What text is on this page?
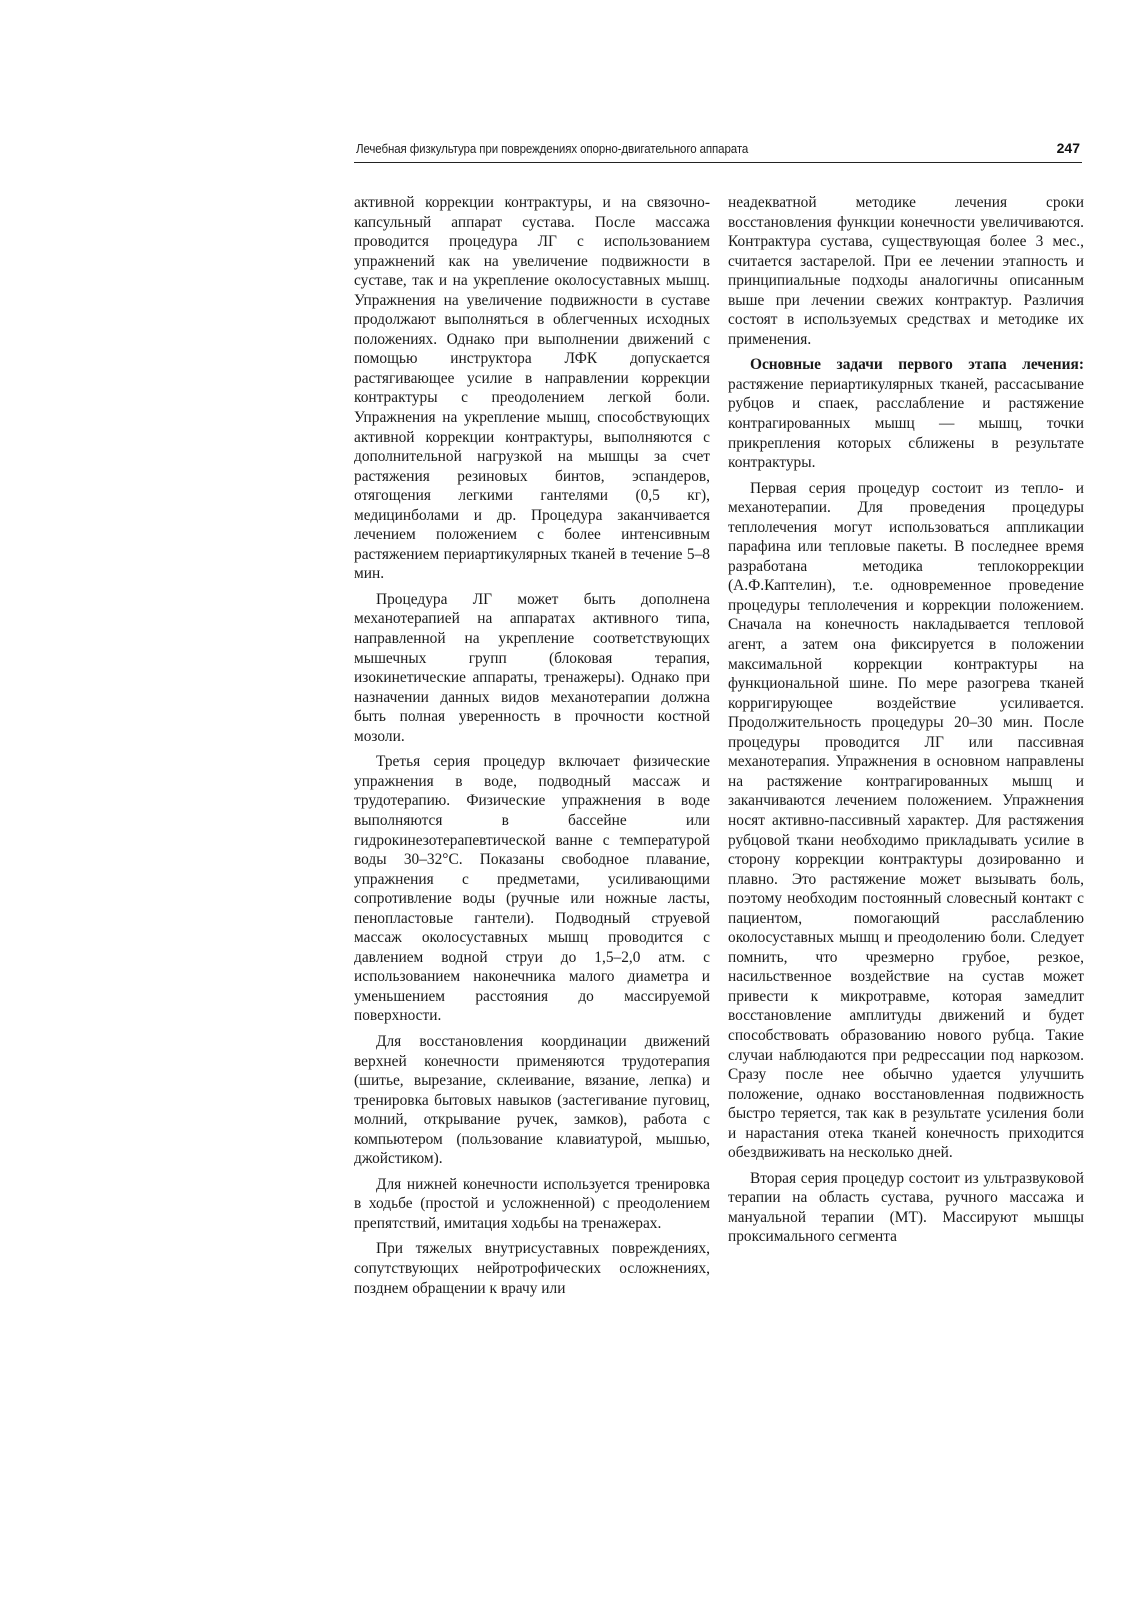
Лечебная физкультура при повреждениях опорно-двигательного аппарата	247

активной коррекции контрактуры, и на связочно-капсульный аппарат сустава. После массажа проводится процедура ЛГ с использованием упражнений как на увеличение подвижности в суставе, так и на укрепление околосуставных мышц. Упражнения на увеличение подвижности в суставе продолжают выполняться в облегченных исходных положениях. Однако при выполнении движений с помощью инструктора ЛФК допускается растягивающее усилие в направлении коррекции контрактуры с преодолением легкой боли. Упражнения на укрепление мышц, способствующих активной коррекции контрактуры, выполняются с дополнительной нагрузкой на мышцы за счет растяжения резиновых бинтов, эспандеров, отягощения легкими гантелями (0,5 кг), медицинболами и др. Процедура заканчивается лечением положением с более интенсивным растяжением периартикулярных тканей в течение 5–8 мин.

Процедура ЛГ может быть дополнена механотерапией на аппаратах активного типа, направленной на укрепление соответствующих мышечных групп (блоковая терапия, изокинетические аппараты, тренажеры). Однако при назначении данных видов механотерапии должна быть полная уверенность в прочности костной мозоли.

Третья серия процедур включает физические упражнения в воде, подводный массаж и трудотерапию. Физические упражнения в воде выполняются в бассейне или гидрокинезотерапевтической ванне с температурой воды 30–32°С. Показаны свободное плавание, упражнения с предметами, усиливающими сопротивление воды (ручные или ножные ласты, пенопластовые гантели). Подводный струевой массаж околосуставных мышц проводится с давлением водной струи до 1,5–2,0 атм. с использованием наконечника малого диаметра и уменьшением расстояния до массируемой поверхности.

Для восстановления координации движений верхней конечности применяются трудотерапия (шитье, вырезание, склеивание, вязание, лепка) и тренировка бытовых навыков (застегивание пуговиц, молний, открывание ручек, замков), работа с компьютером (пользование клавиатурой, мышью, джойстиком).

Для нижней конечности используется тренировка в ходьбе (простой и усложненной) с преодолением препятствий, имитация ходьбы на тренажерах.

При тяжелых внутрисуставных повреждениях, сопутствующих нейротрофических осложнениях, позднем обращении к врачу или

неадекватной методике лечения сроки восстановления функции конечности увеличиваются. Контрактура сустава, существующая более 3 мес., считается застарелой. При ее лечении этапность и принципиальные подходы аналогичны описанным выше при лечении свежих контрактур. Различия состоят в используемых средствах и методике их применения.

Основные задачи первого этапа лечения: растяжение периартикулярных тканей, рассасывание рубцов и спаек, расслабление и растяжение контрагированных мышц — мышц, точки прикрепления которых сближены в результате контрактуры.

Первая серия процедур состоит из тепло- и механотерапии. Для проведения процедуры теплолечения могут использоваться аппликации парафина или тепловые пакеты. В последнее время разработана методика теплокоррекции (А.Ф.Каптелин), т.е. одновременное проведение процедуры теплолечения и коррекции положением. Сначала на конечность накладывается тепловой агент, а затем она фиксируется в положении максимальной коррекции контрактуры на функциональной шине. По мере разогрева тканей корригирующее воздействие усиливается. Продолжительность процедуры 20–30 мин. После процедуры проводится ЛГ или пассивная механотерапия. Упражнения в основном направлены на растяжение контрагированных мышц и заканчиваются лечением положением. Упражнения носят активно-пассивный характер. Для растяжения рубцовой ткани необходимо прикладывать усилие в сторону коррекции контрактуры дозированно и плавно. Это растяжение может вызывать боль, поэтому необходим постоянный словесный контакт с пациентом, помогающий расслаблению околосуставных мышц и преодолению боли. Следует помнить, что чрезмерно грубое, резкое, насильственное воздействие на сустав может привести к микротравме, которая замедлит восстановление амплитуды движений и будет способствовать образованию нового рубца. Такие случаи наблюдаются при редрессации под наркозом. Сразу после нее обычно удается улучшить положение, однако восстановленная подвижность быстро теряется, так как в результате усиления боли и нарастания отека тканей конечность приходится обездвиживать на несколько дней.

Вторая серия процедур состоит из ультразвуковой терапии на область сустава, ручного массажа и мануальной терапии (МТ). Массируют мышцы проксимального сегмента
